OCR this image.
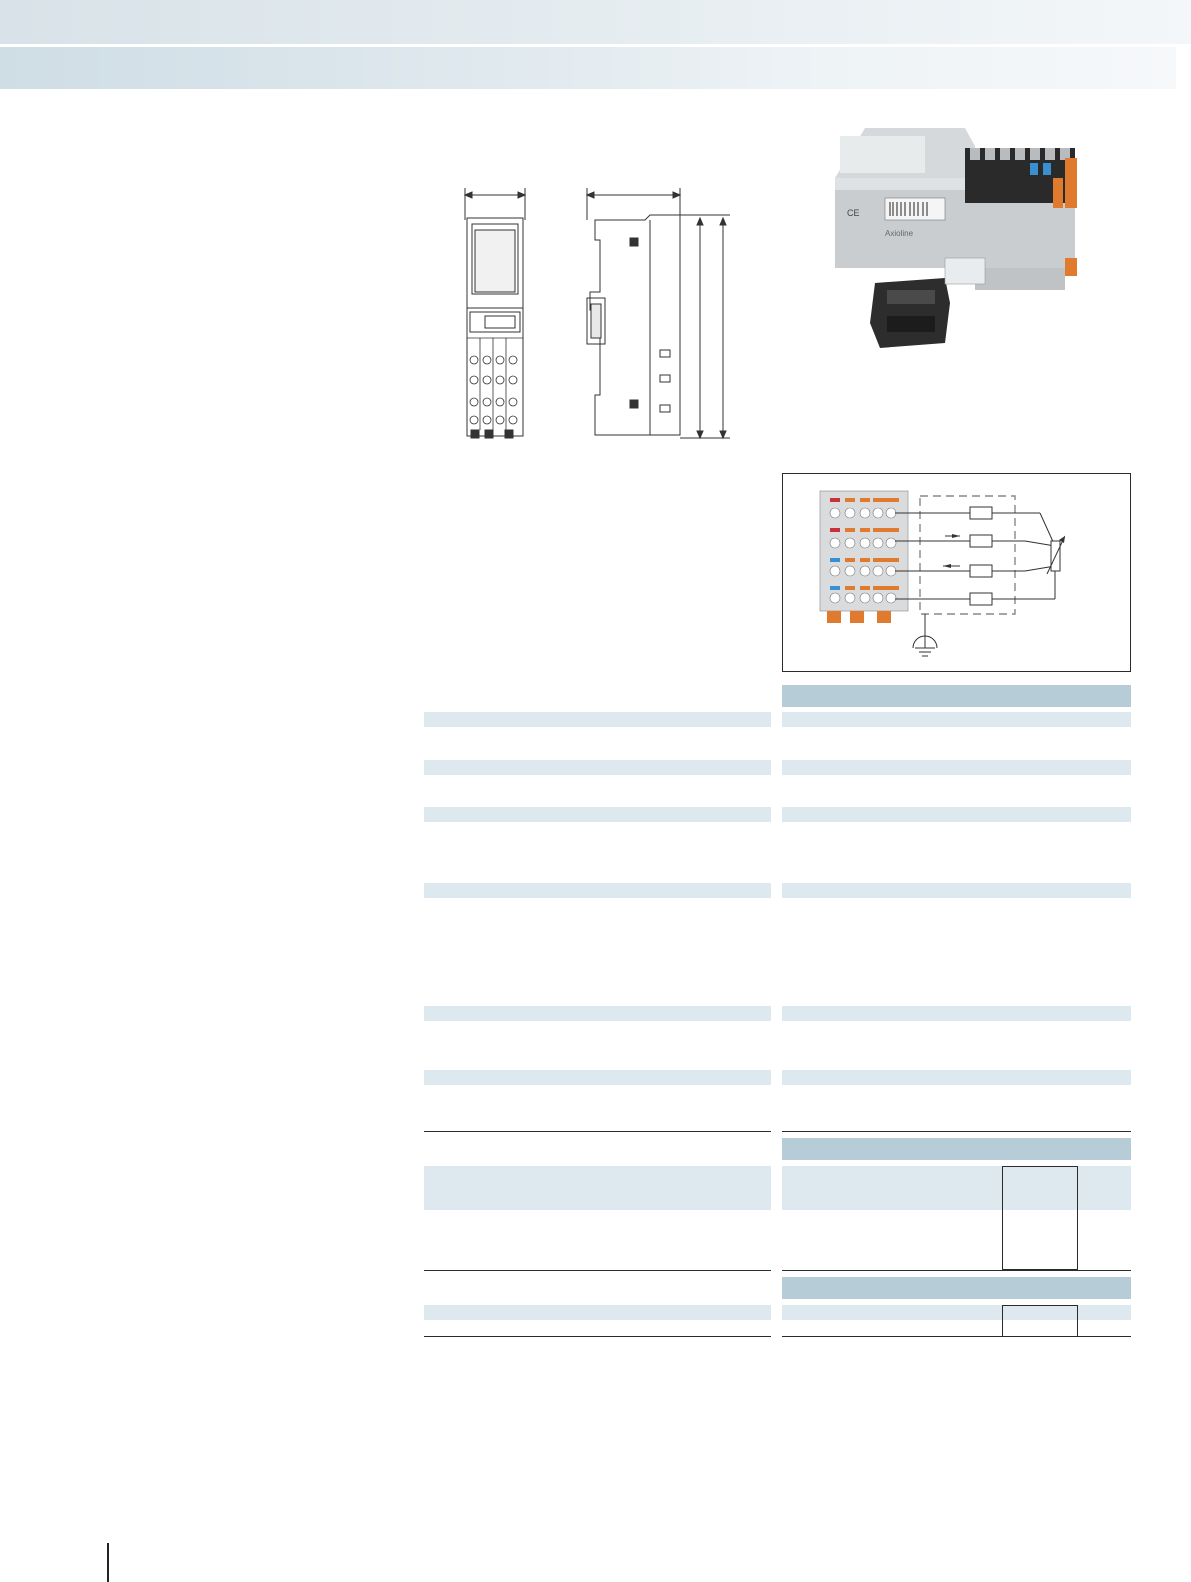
CE
Axioline
